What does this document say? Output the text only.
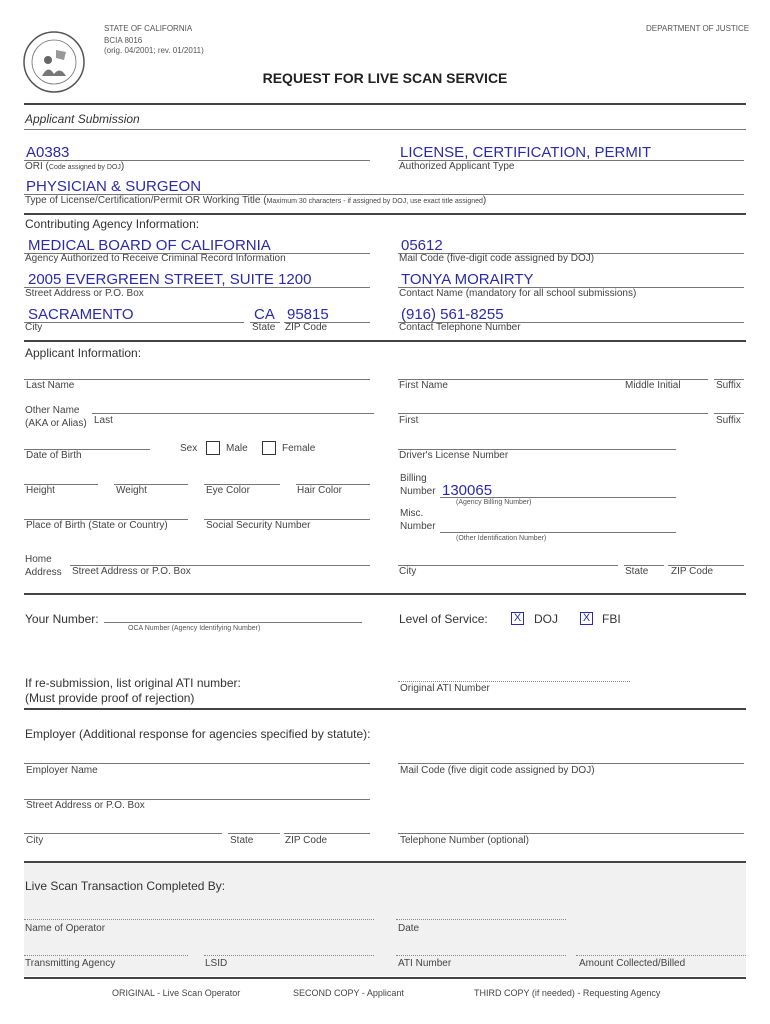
STATE OF CALIFORNIA
BCIA 8016
(orig. 04/2001; rev. 01/2011)
DEPARTMENT OF JUSTICE
REQUEST FOR LIVE SCAN SERVICE
Applicant Submission
A0383
ORI (Code assigned by DOJ)
LICENSE, CERTIFICATION, PERMIT
Authorized Applicant Type
PHYSICIAN & SURGEON
Type of License/Certification/Permit OR Working Title (Maximum 30 characters - if assigned by DOJ, use exact title assigned)
Contributing Agency Information:
MEDICAL BOARD OF CALIFORNIA
Agency Authorized to Receive Criminal Record Information
05612
Mail Code (five-digit code assigned by DOJ)
2005 EVERGREEN STREET, SUITE 1200
Street Address or P.O. Box
TONYA MORAIRTY
Contact Name (mandatory for all school submissions)
SACRAMENTO
City
CA
State
95815
ZIP Code
(916) 561-8255
Contact Telephone Number
Applicant Information:
Last Name	First Name	Middle Initial	Suffix
Other Name
(AKA or Alias) Last	First	Suffix
Date of Birth
Sex	Male	Female
Driver's License Number
Height	Weight	Eye Color	Hair Color
Billing
Number 130065
(Agency Billing Number)
Place of Birth (State or Country)	Social Security Number
Misc.
Number
(Other Identification Number)
Home
Address Street Address or P.O. Box	City	State ZIP Code
Your Number:
OCA Number (Agency Identifying Number)
Level of Service: X DOJ X FBI
If re-submission, list original ATI number:
(Must provide proof of rejection)
Original ATI Number
Employer (Additional response for agencies specified by statute):
Employer Name	Mail Code (five digit code assigned by DOJ)
Street Address or P.O. Box
City	State	ZIP Code	Telephone Number (optional)
Live Scan Transaction Completed By:
Name of Operator	Date
Transmitting Agency	LSID	ATI Number	Amount Collected/Billed
ORIGINAL - Live Scan Operator	SECOND COPY - Applicant	THIRD COPY (if needed) - Requesting Agency
